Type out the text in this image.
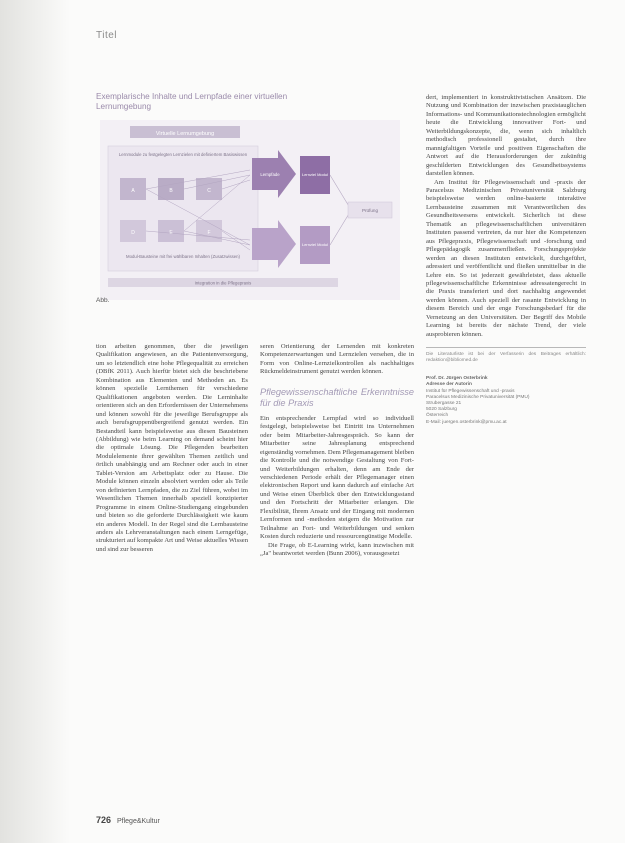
Titel
Exemplarische Inhalte und Lernpfade einer virtuellen Lernumgebung
Virtuelle Lernumgebung
Lernmodule zu festgelegten Lernzielen mit definiertem Basiswissen
A	B	C
D	E	F
Modul-Bausteine mit frei wählbaren Inhalten (Zusatzwissen)
Lernpfade	Lernziel Modul
Lernziel Modul
Prüfung
Integration in die Pflegepraxis
Abb.

tion arbeiten genommen, über die jeweiligen Qualifikation angewiesen, an die Patientenversorgung, um so letztendlich eine hohe Pflegequalität zu erreichen (DBfK 2011). Auch hierfür bietet sich die beschriebene Kombination aus Elementen und Methoden an. Es können spezielle Lernthemen für verschiedene Qualifikationen angeboten werden. Die Lerninhalte orientieren sich an den Erfordernissen der Unternehmens und können sowohl für die jeweilige Berufsgruppe als auch berufsgruppenübergreifend genutzt werden. Ein Bestandteil kann beispielsweise aus diesen Bausteinen (Abbildung) wie beim Learning on demand scheint hier die optimale Lösung. Die Pflegenden bearbeiten Modulelemente ihrer gewählten Themen zeitlich und örtlich unabhängig und am Rechner oder auch in einer Tablet-Version am Arbeitsplatz oder zu Hause. Die Module können einzeln absolviert werden oder als Teile von definierten Lernpfaden, die zu Ziel führen, wobei im Wesentlichen Themen innerhalb speziell konzipierter Programme in einem Online-Studiengang eingebunden und bieten so die geforderte Durchlässigkeit wie kaum ein anderes Modell. In der Regel sind die Lernbausteine anders als Lehrveranstaltungen nach einem Lerngefüge, strukturiert auf kompakte Art und Weise aktuelles Wissen und sind zur besseren

seren Orientierung der Lernenden mit konkreten Kompetenzerwartungen und Lernzielen versehen, die in Form von Online-Lernzielkontrollen als nachhaltiges Rückmeldeinstrument genutzt werden können.

Pflegewissenschaftliche Erkenntnisse für die Praxis

Ein entsprechender Lernpfad wird so individuell festgelegt, beispielsweise bei Eintritt ins Unternehmen oder beim Mitarbeiter-Jahresgespräch. So kann der Mitarbeiter seine Jahresplanung entsprechend eigenständig vornehmen. Dem Pflegemanagement bleiben die Kontrolle und die notwendige Gestaltung von Fort- und Weiterbildungen erhalten, denn am Ende der verschiedenen Periode erhält der Pflegemanager einen elektronischen Report und kann dadurch auf einfache Art und Weise einen Überblick über den Entwicklungsstand und den Fortschritt der Mitarbeiter erlangen. Die Flexibilität, Ihrem Ansatz und der Eingang mit modernen Lernformen und -methoden steigern die Motivation zur Teilnahme an Fort- und Weiterbildungen und senken Kosten durch reduzierte und ressourcengünstige Modelle.

Die Frage, ob E-Learning wirkt, kann inzwischen mit „Ja" beantwortet werden (Bunn 2006), vorausgesetzt

dert, implementiert in konstruktivistischen Ansätzen. Die Nutzung und Kombination der inzwischen praxistauglichen Informations- und Kommunikationstechnologien ermöglicht heute die Entwicklung innovativer Fort- und Weiterbildungskonzepte, die, wenn sich inhaltlich methodisch professionell gestaltet, durch ihre mannigfaltigen Vorteile und positiven Eigenschaften die Antwort auf die Herausforderungen der zukünftig geschilderten Entwicklungen des Gesundheitssystems darstellen können.

Am Institut für Pflegewissenschaft und -praxis der Paracelsus Medizinischen Privatuniversität Salzburg beispielsweise werden online-basierte interaktive Lernbausteine zusammen mit Verantwortlichen des Gesundheitswesens entwickelt. Sicherlich ist diese Thematik an pflegewissenschaftlichen universitären Instituten passend vertreten, da nur hier die Kompetenzen aus Pflegepraxis, Pflegewissenschaft und -forschung und Pflegepädagogik zusammenfließen. Forschungsprojekte werden an diesen Instituten entwickelt, durchgeführt, adressiert und veröffentlicht und fließen unmittelbar in die Lehre ein. So ist jederzeit gewährleistet, dass aktuelle pflegewissenschaftliche Erkenntnisse adressatengerecht in die Praxis transferiert und dort nachhaltig angewendet werden können. Auch speziell der rasante Entwicklung in diesem Bereich und der enge Forschungsbedarf für die Vernetzung an den Universitäten. Der Begriff des Mobile Learning ist bereits der nächste Trend, der viele ausprobieren können.

Die Literaturliste ist bei der Verfasserin des Beitrages erhältlich: redaktion@bibliomed.de
Prof. Dr. Jürgen Osterbrink
Adresse der Autorin
Institut für Pflegewissenschaft und -praxis
Paracelsus Medizinische Privatuniversität (PMU)
Strubergasse 21
5020 Salzburg
Österreich
E-Mail: juergen.osterbrink@pmu.ac.at
726 Pflege&Kultur
